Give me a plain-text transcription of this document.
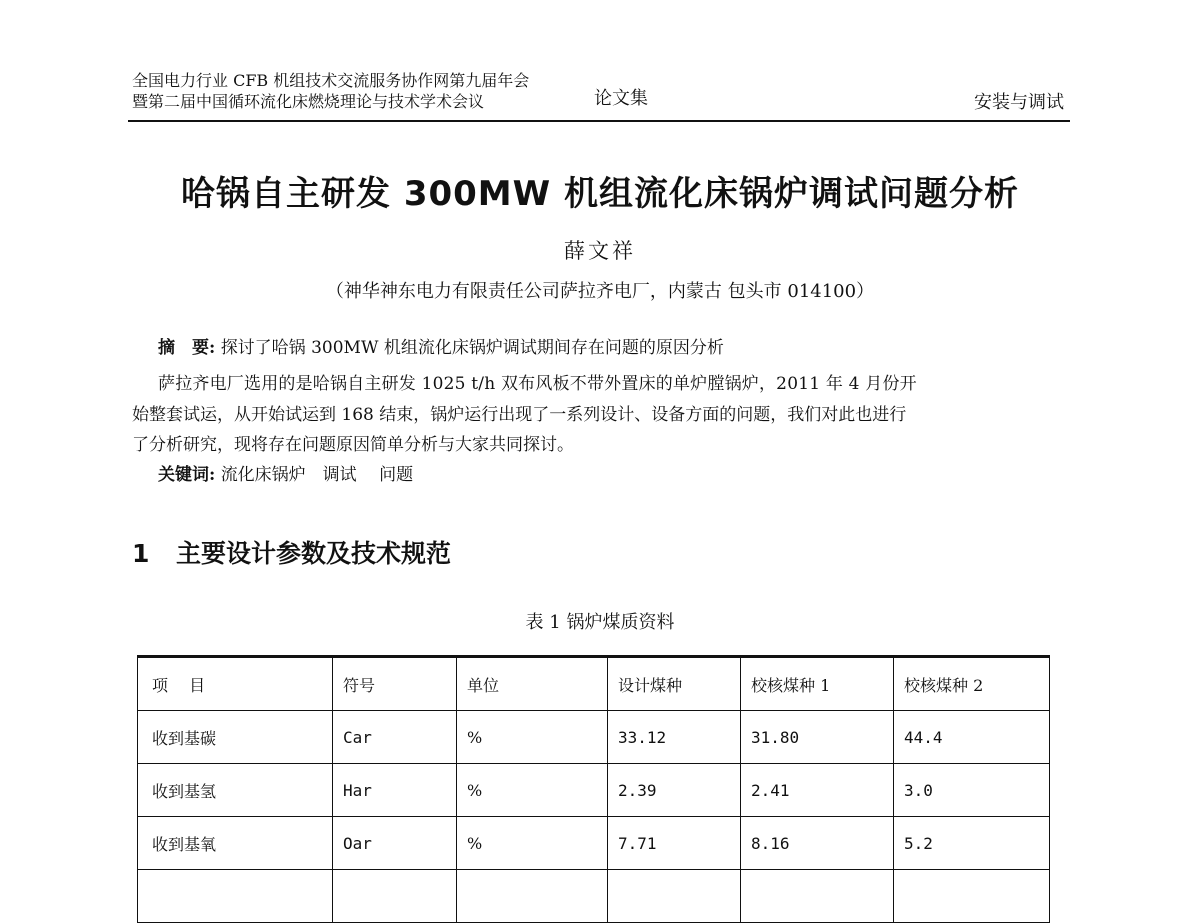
全国电力行业 CFB 机组技术交流服务协作网第九届年会
暨第二届中国循环流化床燃烧理论与技术学术会议	论文集	安装与调试
哈锅自主研发 300MW 机组流化床锅炉调试问题分析
薛文祥
（神华神东电力有限责任公司萨拉齐电厂，内蒙古 包头市 014100）
摘　要: 探讨了哈锅 300MW 机组流化床锅炉调试期间存在问题的原因分析
萨拉齐电厂选用的是哈锅自主研发 1025 t/h 双布风板不带外置床的单炉膛锅炉，2011 年 4 月份开
始整套试运，从开始试运到 168 结束，锅炉运行出现了一系列设计、设备方面的问题，我们对此也进行
了分析研究，现将存在问题原因简单分析与大家共同探讨。
关键词: 流化床锅炉　调试　 问题
1 主要设计参数及技术规范
表 1 锅炉煤质资料
项　 目	符号	单位	设计煤种	校核煤种 1	校核煤种 2
收到基碳	Car	%	33.12	31.80	44.4
收到基氢	Har	%	2.39	2.41	3.0
收到基氧	Oar	%	7.71	8.16	5.2
